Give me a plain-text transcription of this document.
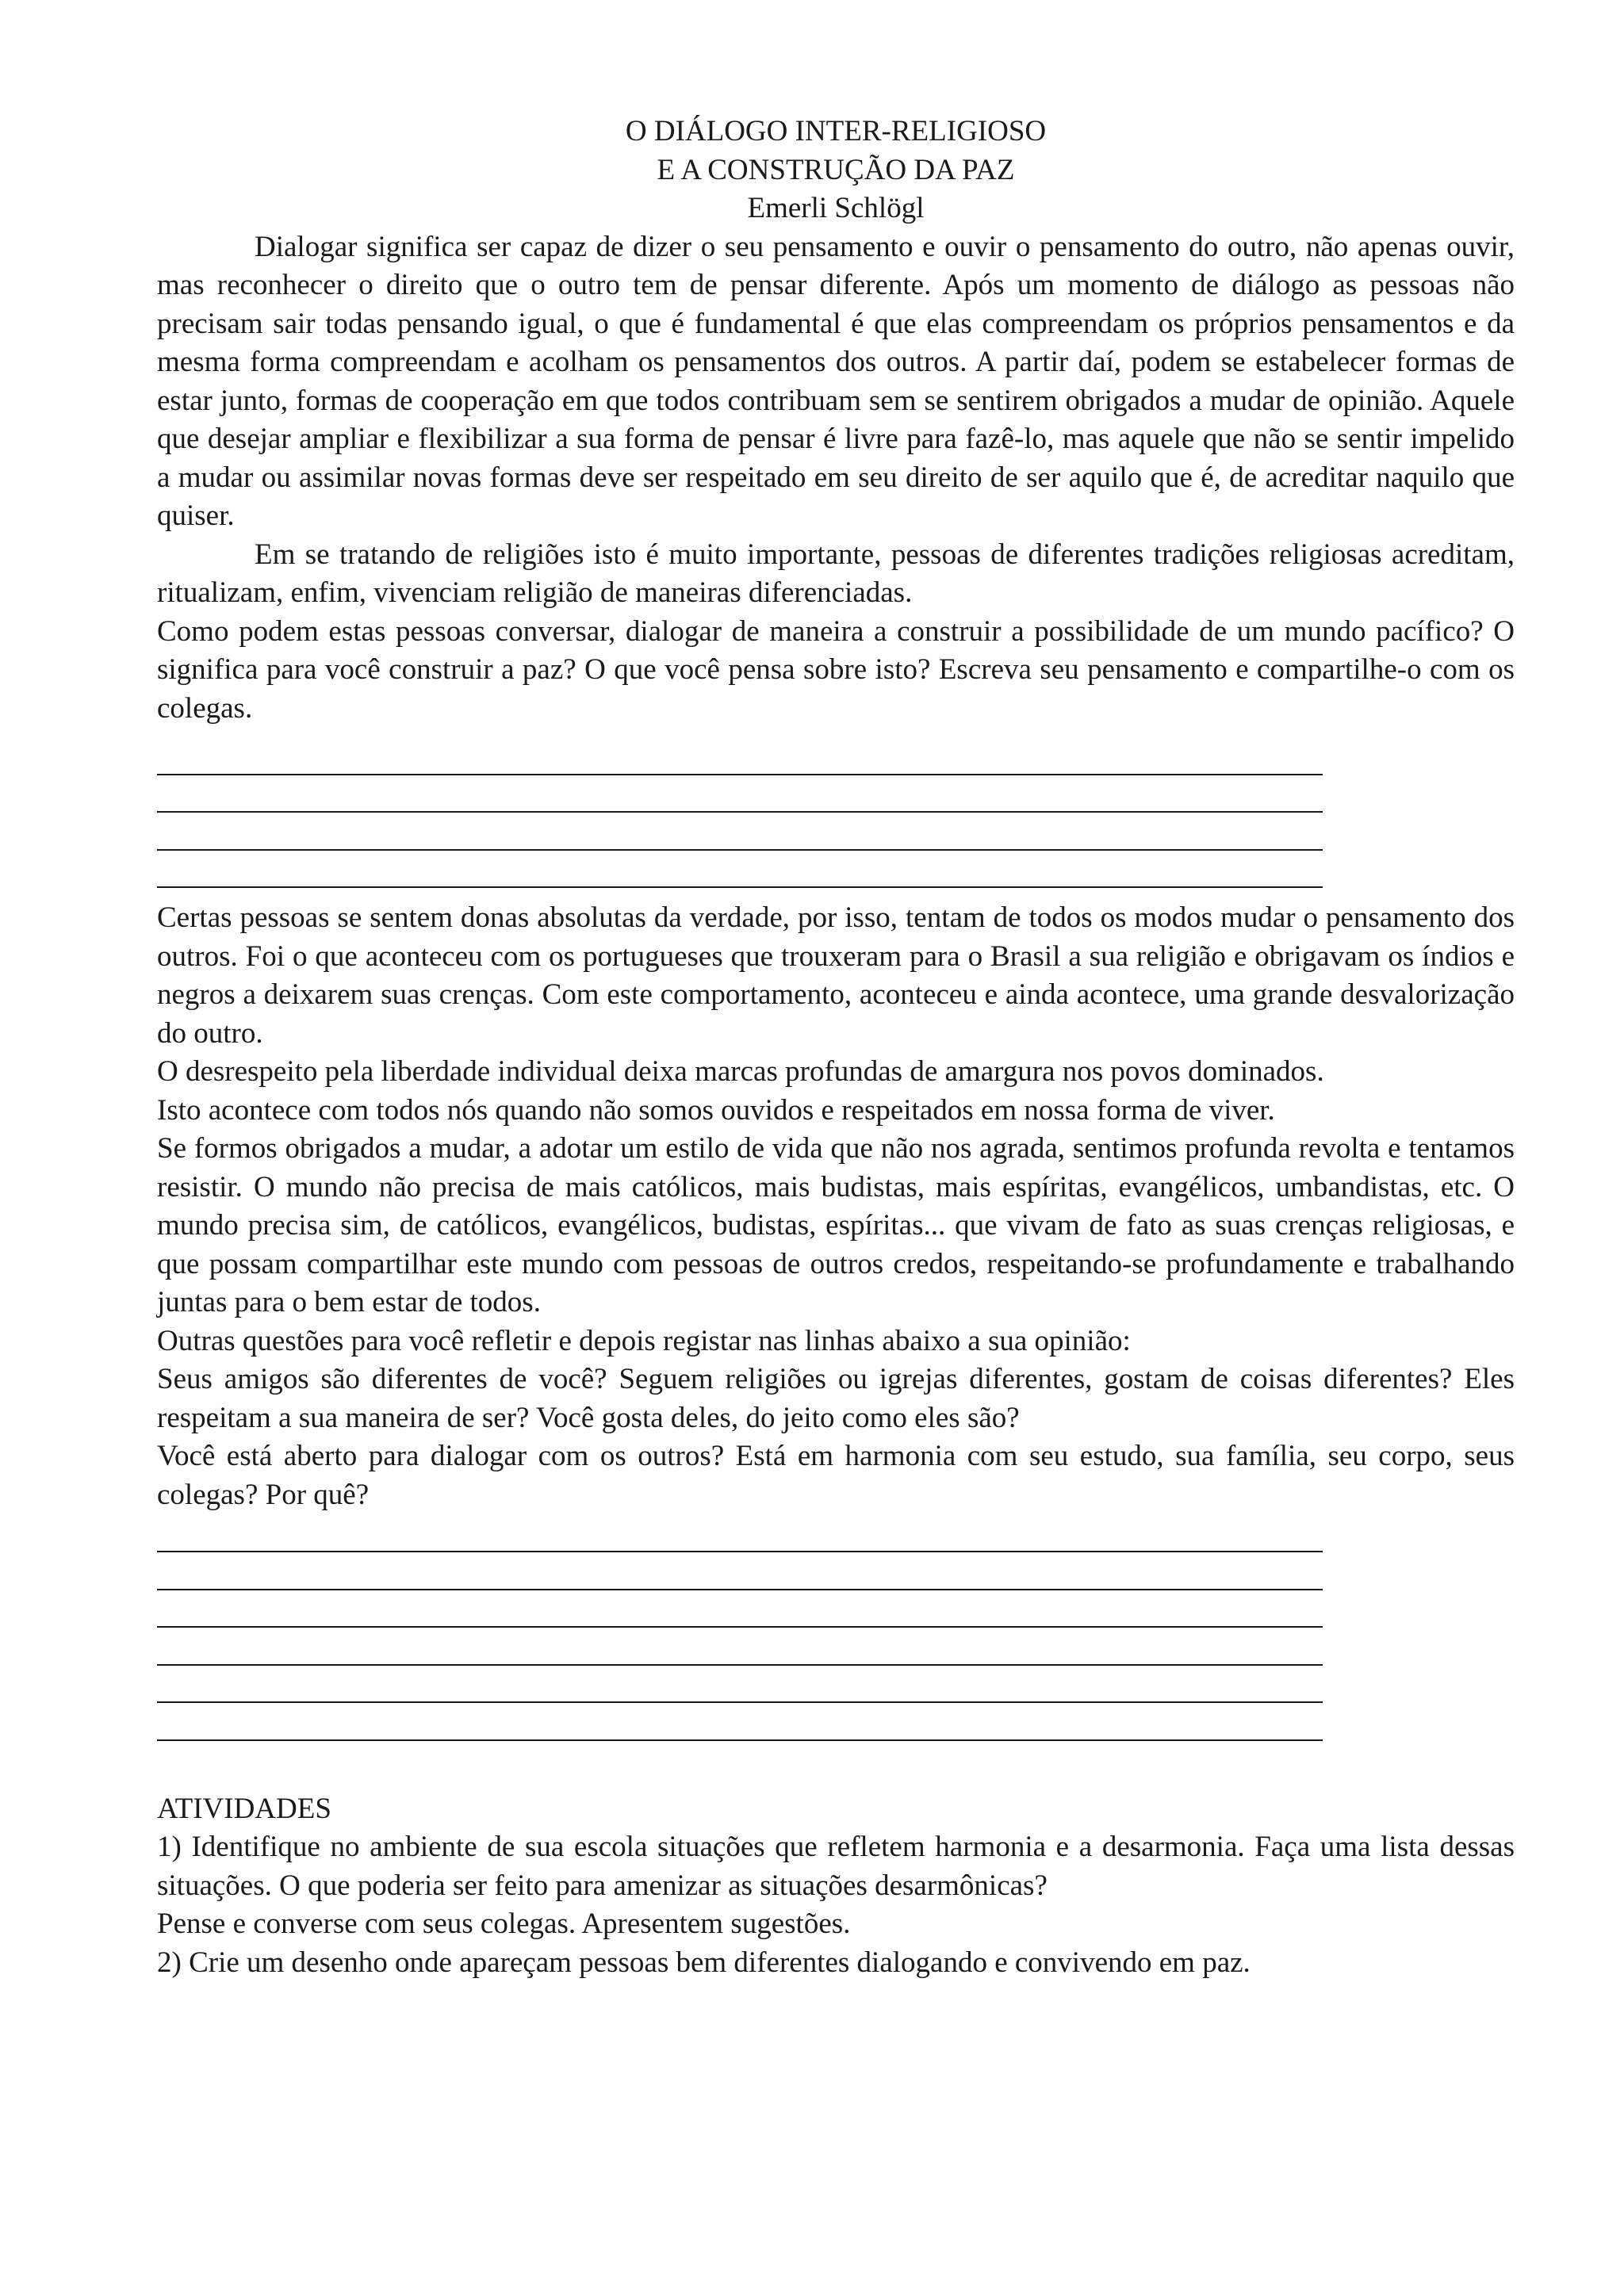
O DIÁLOGO INTER-RELIGIOSO
E A CONSTRUÇÃO DA PAZ
Emerli Schlögl

Dialogar significa ser capaz de dizer o seu pensamento e ouvir o pensamento do outro, não apenas ouvir, mas reconhecer o direito que o outro tem de pensar diferente. Após um momento de diálogo as pessoas não precisam sair todas pensando igual, o que é fundamental é que elas compreendam os próprios pensamentos e da mesma forma compreendam e acolham os pensamentos dos outros. A partir daí, podem se estabelecer formas de estar junto, formas de cooperação em que todos contribuam sem se sentirem obrigados a mudar de opinião. Aquele que desejar ampliar e flexibilizar a sua forma de pensar é livre para fazê-lo, mas aquele que não se sentir impelido a mudar ou assimilar novas formas deve ser respeitado em seu direito de ser aquilo que é, de acreditar naquilo que quiser.

Em se tratando de religiões isto é muito importante, pessoas de diferentes tradições religiosas acreditam, ritualizam, enfim, vivenciam religião de maneiras diferenciadas.

Como podem estas pessoas conversar, dialogar de maneira a construir a possibilidade de um mundo pacífico? O significa para você construir a paz? O que você pensa sobre isto? Escreva seu pensamento e compartilhe-o com os colegas.

Certas pessoas se sentem donas absolutas da verdade, por isso, tentam de todos os modos mudar o pensamento dos outros. Foi o que aconteceu com os portugueses que trouxeram para o Brasil a sua religião e obrigavam os índios e negros a deixarem suas crenças. Com este comportamento, aconteceu e ainda acontece, uma grande desvalorização do outro.

O desrespeito pela liberdade individual deixa marcas profundas de amargura nos povos dominados.

Isto acontece com todos nós quando não somos ouvidos e respeitados em nossa forma de viver.

Se formos obrigados a mudar, a adotar um estilo de vida que não nos agrada, sentimos profunda revolta e tentamos resistir. O mundo não precisa de mais católicos, mais budistas, mais espíritas, evangélicos, umbandistas, etc. O mundo precisa sim, de católicos, evangélicos, budistas, espíritas... que vivam de fato as suas crenças religiosas, e que possam compartilhar este mundo com pessoas de outros credos, respeitando-se profundamente e trabalhando juntas para o bem estar de todos.

Outras questões para você refletir e depois registar nas linhas abaixo a sua opinião:

Seus amigos são diferentes de você? Seguem religiões ou igrejas diferentes, gostam de coisas diferentes? Eles respeitam a sua maneira de ser? Você gosta deles, do jeito como eles são?

Você está aberto para dialogar com os outros? Está em harmonia com seu estudo, sua família, seu corpo, seus colegas? Por quê?

ATIVIDADES

1) Identifique no ambiente de sua escola situações que refletem harmonia e a desarmonia. Faça uma lista dessas situações. O que poderia ser feito para amenizar as situações desarmônicas?

Pense e converse com seus colegas. Apresentem sugestões.

2) Crie um desenho onde apareçam pessoas bem diferentes dialogando e convivendo em paz.
